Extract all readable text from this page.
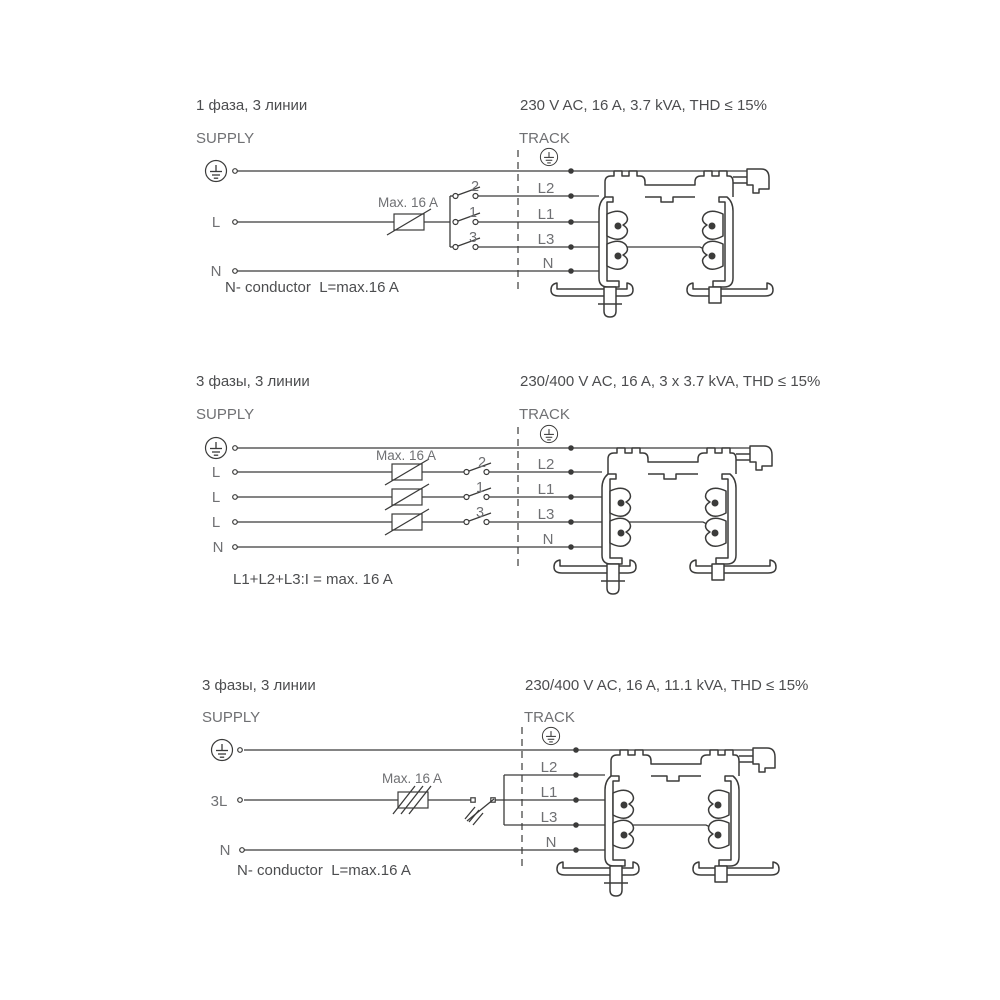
1 фаза, 3 линии	230 V AC, 16 A, 3.7 kVA, THD ≤ 15%
SUPPLY	TRACK
Max. 16 A
2
1
3
L
N
L2
L1
L3
N
N- conductor  L=max.16 A
3 фазы, 3 линии	230/400 V AC, 16 A, 3 x 3.7 kVA, THD ≤ 15%
SUPPLY	TRACK
Max. 16 A	2
1
3
L
L
L
N
L2
L1
L3
N
L1+L2+L3:I = max. 16 A
3 фазы, 3 линии	230/400 V AC, 16 A, 11.1 kVA, THD ≤ 15%
SUPPLY	TRACK
Max. 16 A
3L
N
L2
L1
L3
N
N- conductor  L=max.16 A
